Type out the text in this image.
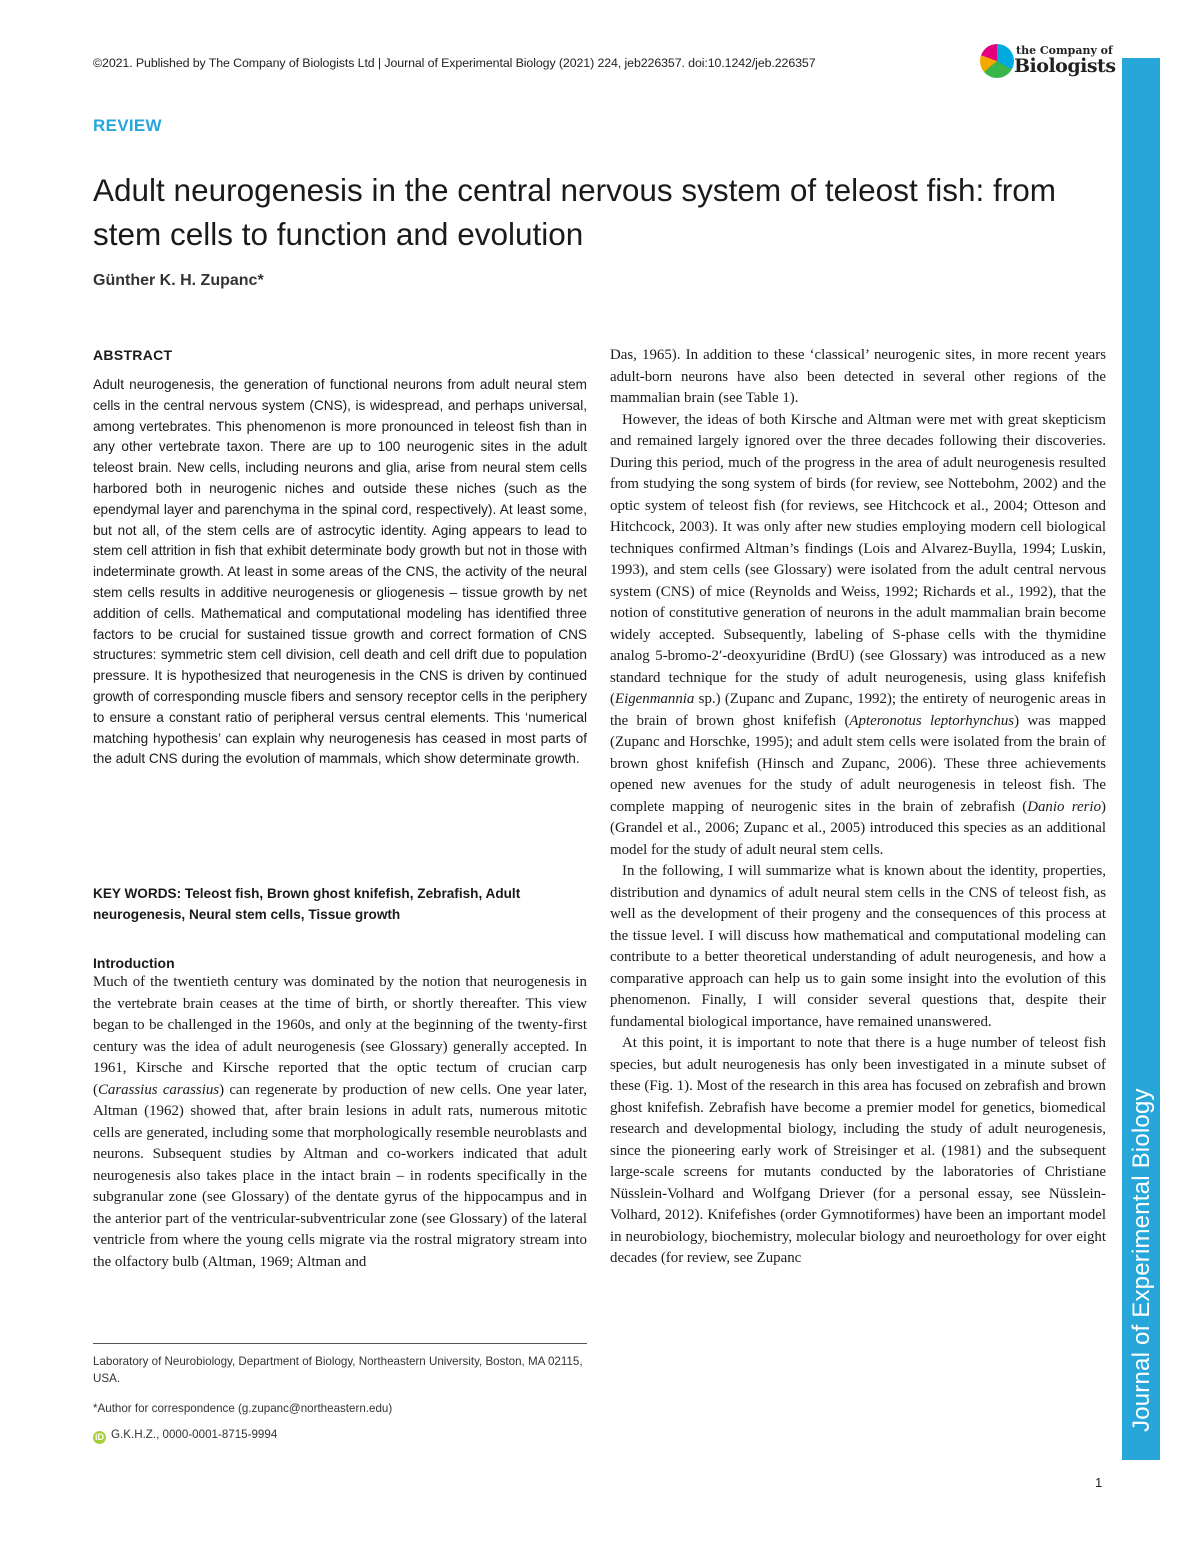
©2021. Published by The Company of Biologists Ltd | Journal of Experimental Biology (2021) 224, jeb226357. doi:10.1242/jeb.226357
the Company of
Biologists
Journal of Experimental Biology
REVIEW
Adult neurogenesis in the central nervous system of teleost fish: from stem cells to function and evolution
Günther K. H. Zupanc*
ABSTRACT

Adult neurogenesis, the generation of functional neurons from adult neural stem cells in the central nervous system (CNS), is widespread, and perhaps universal, among vertebrates. This phenomenon is more pronounced in teleost fish than in any other vertebrate taxon. There are up to 100 neurogenic sites in the adult teleost brain. New cells, including neurons and glia, arise from neural stem cells harbored both in neurogenic niches and outside these niches (such as the ependymal layer and parenchyma in the spinal cord, respectively). At least some, but not all, of the stem cells are of astrocytic identity. Aging appears to lead to stem cell attrition in fish that exhibit determinate body growth but not in those with indeterminate growth. At least in some areas of the CNS, the activity of the neural stem cells results in additive neurogenesis or gliogenesis – tissue growth by net addition of cells. Mathematical and computational modeling has identified three factors to be crucial for sustained tissue growth and correct formation of CNS structures: symmetric stem cell division, cell death and cell drift due to population pressure. It is hypothesized that neurogenesis in the CNS is driven by continued growth of corresponding muscle fibers and sensory receptor cells in the periphery to ensure a constant ratio of peripheral versus central elements. This ‘numerical matching hypothesis’ can explain why neurogenesis has ceased in most parts of the adult CNS during the evolution of mammals, which show determinate growth.

KEY WORDS: Teleost fish, Brown ghost knifefish, Zebrafish, Adult neurogenesis, Neural stem cells, Tissue growth

Introduction

Much of the twentieth century was dominated by the notion that neurogenesis in the vertebrate brain ceases at the time of birth, or shortly thereafter. This view began to be challenged in the 1960s, and only at the beginning of the twenty-first century was the idea of adult neurogenesis (see Glossary) generally accepted. In 1961, Kirsche and Kirsche reported that the optic tectum of crucian carp (Carassius carassius) can regenerate by production of new cells. One year later, Altman (1962) showed that, after brain lesions in adult rats, numerous mitotic cells are generated, including some that morphologically resemble neuroblasts and neurons. Subsequent studies by Altman and co-workers indicated that adult neurogenesis also takes place in the intact brain – in rodents specifically in the subgranular zone (see Glossary) of the dentate gyrus of the hippocampus and in the anterior part of the ventricular-subventricular zone (see Glossary) of the lateral ventricle from where the young cells migrate via the rostral migratory stream into the olfactory bulb (Altman, 1969; Altman and

Laboratory of Neurobiology, Department of Biology, Northeastern University, Boston, MA 02115, USA.

*Author for correspondence (g.zupanc@northeastern.edu)

iD G.K.H.Z., 0000-0001-8715-9994

Das, 1965). In addition to these ‘classical’ neurogenic sites, in more recent years adult-born neurons have also been detected in several other regions of the mammalian brain (see Table 1).

However, the ideas of both Kirsche and Altman were met with great skepticism and remained largely ignored over the three decades following their discoveries. During this period, much of the progress in the area of adult neurogenesis resulted from studying the song system of birds (for review, see Nottebohm, 2002) and the optic system of teleost fish (for reviews, see Hitchcock et al., 2004; Otteson and Hitchcock, 2003). It was only after new studies employing modern cell biological techniques confirmed Altman’s findings (Lois and Alvarez-Buylla, 1994; Luskin, 1993), and stem cells (see Glossary) were isolated from the adult central nervous system (CNS) of mice (Reynolds and Weiss, 1992; Richards et al., 1992), that the notion of constitutive generation of neurons in the adult mammalian brain become widely accepted. Subsequently, labeling of S-phase cells with the thymidine analog 5-bromo-2′-deoxyuridine (BrdU) (see Glossary) was introduced as a new standard technique for the study of adult neurogenesis, using glass knifefish (Eigenmannia sp.) (Zupanc and Zupanc, 1992); the entirety of neurogenic areas in the brain of brown ghost knifefish (Apteronotus leptorhynchus) was mapped (Zupanc and Horschke, 1995); and adult stem cells were isolated from the brain of brown ghost knifefish (Hinsch and Zupanc, 2006). These three achievements opened new avenues for the study of adult neurogenesis in teleost fish. The complete mapping of neurogenic sites in the brain of zebrafish (Danio rerio) (Grandel et al., 2006; Zupanc et al., 2005) introduced this species as an additional model for the study of adult neural stem cells.

In the following, I will summarize what is known about the identity, properties, distribution and dynamics of adult neural stem cells in the CNS of teleost fish, as well as the development of their progeny and the consequences of this process at the tissue level. I will discuss how mathematical and computational modeling can contribute to a better theoretical understanding of adult neurogenesis, and how a comparative approach can help us to gain some insight into the evolution of this phenomenon. Finally, I will consider several questions that, despite their fundamental biological importance, have remained unanswered.

At this point, it is important to note that there is a huge number of teleost fish species, but adult neurogenesis has only been investigated in a minute subset of these (Fig. 1). Most of the research in this area has focused on zebrafish and brown ghost knifefish. Zebrafish have become a premier model for genetics, biomedical research and developmental biology, including the study of adult neurogenesis, since the pioneering early work of Streisinger et al. (1981) and the subsequent large-scale screens for mutants conducted by the laboratories of Christiane Nüsslein-Volhard and Wolfgang Driever (for a personal essay, see Nüsslein-Volhard, 2012). Knifefishes (order Gymnotiformes) have been an important model in neurobiology, biochemistry, molecular biology and neuroethology for over eight decades (for review, see Zupanc

1
